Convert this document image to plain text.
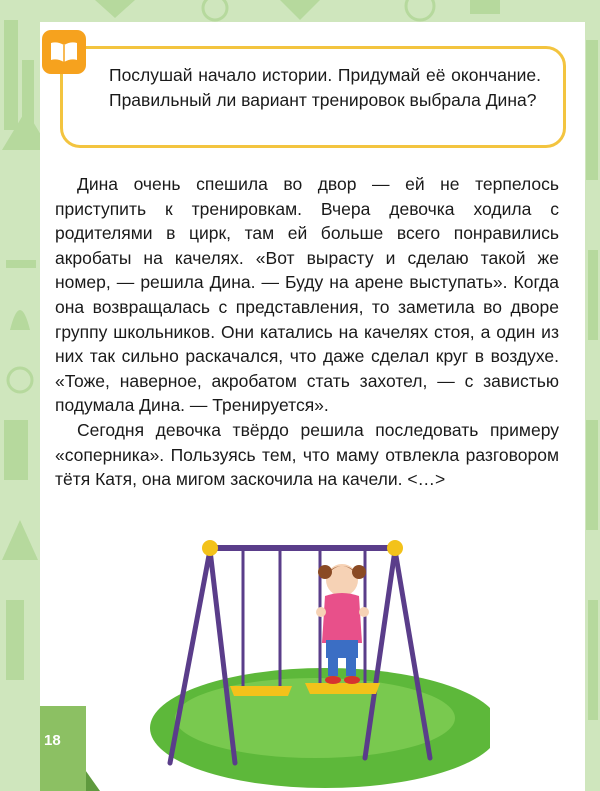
Послушай начало истории. Придумай её окончание. Правильный ли вариант тренировок выбрала Дина?

Дина очень спешила во двор — ей не терпелось приступить к тренировкам. Вчера девочка ходила с родителями в цирк, там ей больше всего понравились акробаты на качелях. «Вот вырасту и сделаю такой же номер, — решила Дина. — Буду на арене выступать». Когда она возвращалась с представления, то заметила во дворе группу школьников. Они катались на качелях стоя, а один из них так сильно раскачался, что даже сделал круг в воздухе. «Тоже, наверное, акробатом стать захотел, — с завистью подумала Дина. — Тренируется».

Сегодня девочка твёрдо решила последовать примеру «соперника». Пользуясь тем, что маму отвлекла разговором тётя Катя, она мигом заскочила на качели. <…>

18
